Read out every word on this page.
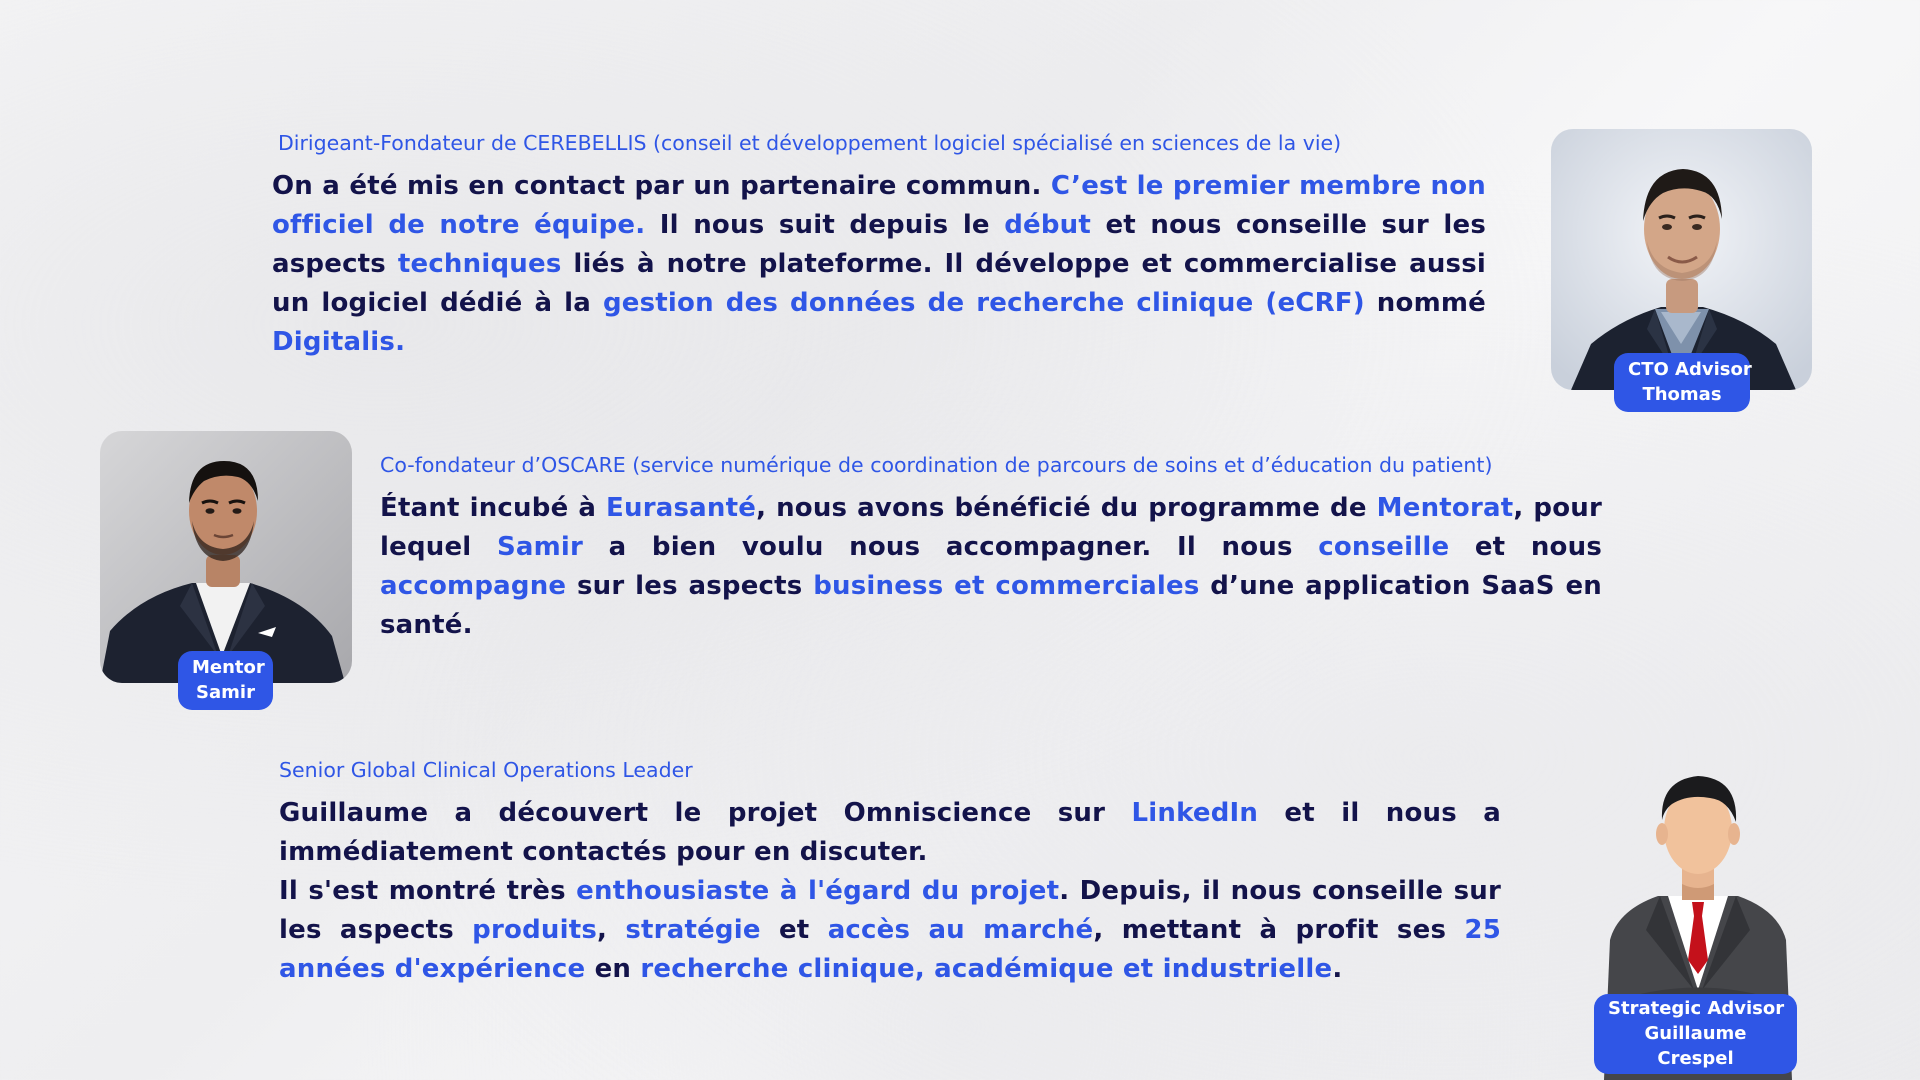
Dirigeant-Fondateur de CEREBELLIS (conseil et développement logiciel spécialisé en sciences de la vie)
On a été mis en contact par un partenaire commun. C’est le premier membre non officiel de notre équipe. Il nous suit depuis le début et nous conseille sur les aspects techniques liés à notre plateforme. Il développe et commercialise aussi un logiciel dédié à la gestion des données de recherche clinique (eCRF) nommé Digitalis.
CTO Advisor
Thomas
Mentor
Samir
Co-fondateur d’OSCARE (service numérique de coordination de parcours de soins et d’éducation du patient)
Étant incubé à Eurasanté, nous avons bénéficié du programme de Mentorat, pour lequel Samir a bien voulu nous accompagner. Il nous conseille et nous accompagne sur les aspects business et commerciales d’une application SaaS en santé.
Senior Global Clinical Operations Leader
Guillaume a découvert le projet Omniscience sur LinkedIn et il nous a immédiatement contactés pour en discuter.
Il s'est montré très enthousiaste à l'égard du projet. Depuis, il nous conseille sur les aspects produits, stratégie et accès au marché, mettant à profit ses 25 années d'expérience en recherche clinique, académique et industrielle.
Strategic Advisor
Guillaume
Crespel
